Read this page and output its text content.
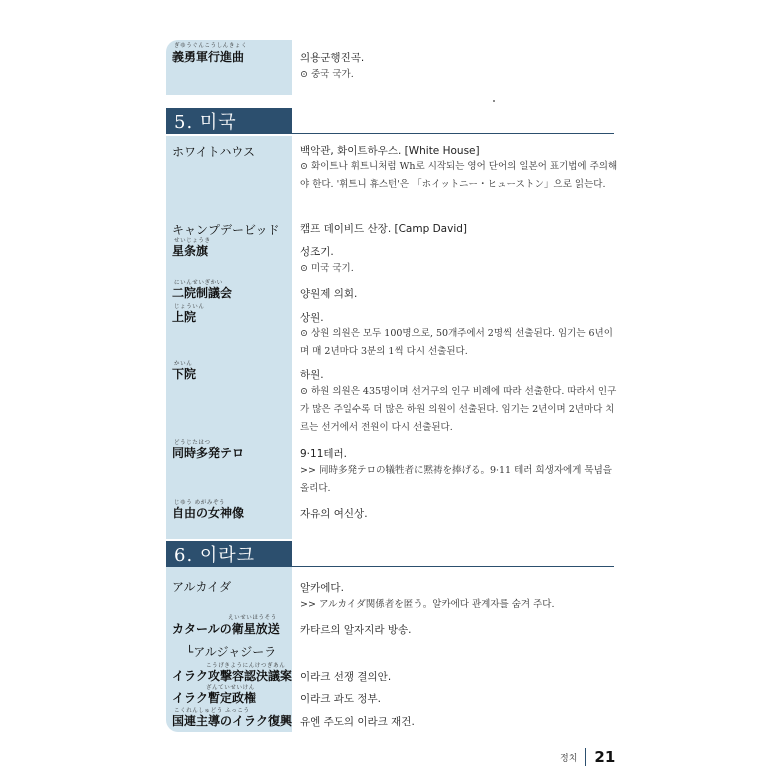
ぎゆうぐんこうしんきょく
義勇軍行進曲	의용군행진곡.
⊙ 중국 국가.
5. 미국
ホワイトハウス	백악관, 화이트하우스. [White House]
⊙ 화이트나 휘트니처럼 Wh로 시작되는 영어 단어의 일본어 표기법에 주의해야 한다. '휘트니 휴스턴'은 「ホイットニー・ヒューストン」으로 읽는다.
キャンプデービッド 캠프 데이비드 산장. [Camp David]
せいじょうき
星条旗	성조기.
⊙ 미국 국기.
にいんせいぎかい
二院制議会	양원제 의회.
じょういん
上院	상원.
⊙ 상원 의원은 모두 100명으로, 50개주에서 2명씩 선출된다. 임기는 6년이며 매 2년마다 3분의 1씩 다시 선출된다.
かいん
下院	하원.
⊙ 하원 의원은 435명이며 선거구의 인구 비례에 따라 선출한다. 따라서 인구가 많은 주일수록 더 많은 하원 의원이 선출된다. 임기는 2년이며 2년마다 치르는 선거에서 전원이 다시 선출된다.
どうじたはつ
同時多発テロ	9·11테러.
>> 同時多発テロの犠牲者に黙祷を捧げる。9·11 테러 희생자에게 묵념을 올리다.
じゆう めがみぞう
自由の女神像	자유의 여신상.
6. 이라크
アルカイダ	알카에다.
>> アルカイダ関係者を匿う。알카에다 관계자를 숨겨 주다.
えいせいほうそう
カタールの衛星放送 카타르의 알자지라 방송.
└アルジャジーラ
こうげきようにんけつぎあん
イラク攻撃容認決議案 이라크 선쟁 결의안.
ざんていせいけん
イラク暫定政権	이라크 과도 정부.
こくれんしゅどう ふっこう
国連主導のイラク復興 유엔 주도의 이라크 재건.
정치 21
